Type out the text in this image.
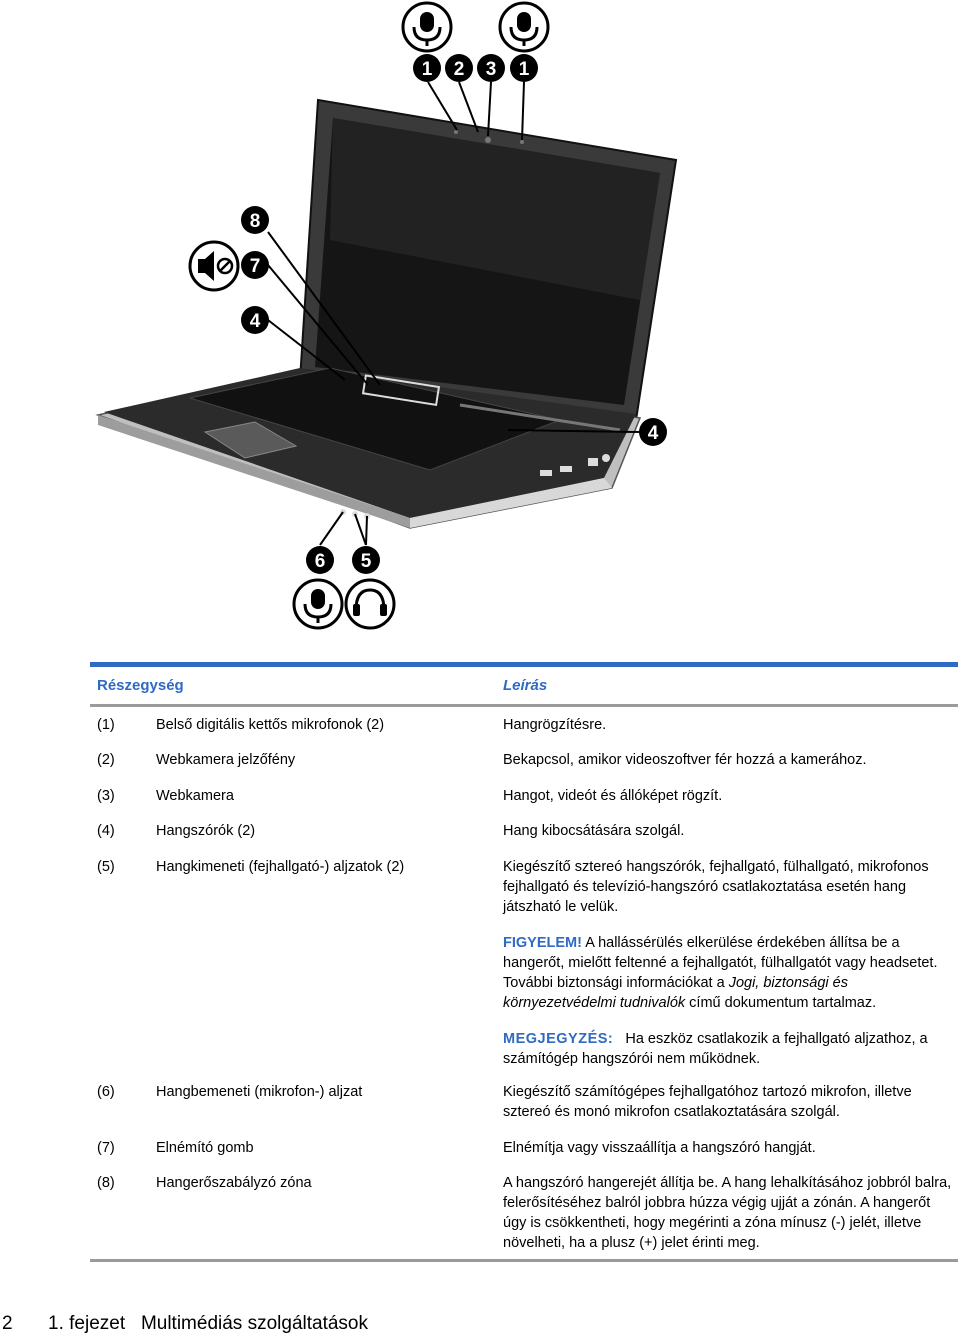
1 2 3 1
8
7
4
4
6 5
Részegység	Leírás
(1)	Belső digitális kettős mikrofonok (2)	Hangrögzítésre.
(2)	Webkamera jelzőfény	Bekapcsol, amikor videoszoftver fér hozzá a kamerához.
(3)	Webkamera	Hangot, videót és állóképet rögzít.
(4)	Hangszórók (2)	Hang kibocsátására szolgál.
(5)	Hangkimeneti (fejhallgató-) aljzatok (2)	Kiegészítő sztereó hangszórók, fejhallgató, fülhallgató, mikrofonos fejhallgató és televízió-hangszóró csatlakoztatása esetén hang játszható le velük.

FIGYELEM! A hallássérülés elkerülése érdekében állítsa be a hangerőt, mielőtt feltenné a fejhallgatót, fülhallgatót vagy headsetet. További biztonsági információkat a Jogi, biztonsági és környezetvédelmi tudnivalók című dokumentum tartalmaz.

MEGJEGYZÉS: Ha eszköz csatlakozik a fejhallgató aljzathoz, a számítógép hangszórói nem működnek.

(6)	Hangbemeneti (mikrofon-) aljzat	Kiegészítő számítógépes fejhallgatóhoz tartozó mikrofon, illetve sztereó és monó mikrofon csatlakoztatására szolgál.
(7)	Elnémító gomb	Elnémítja vagy visszaállítja a hangszóró hangját.
(8)	Hangerőszabályzó zóna	A hangszóró hangerejét állítja be. A hang lehalkításához jobbról balra, felerősítéséhez balról jobbra húzza végig ujját a zónán. A hangerőt úgy is csökkentheti, hogy megérinti a zóna mínusz (-) jelét, illetve növelheti, ha a plusz (+) jelet érinti meg.
2 1. fejezet   Multimédiás szolgáltatások
